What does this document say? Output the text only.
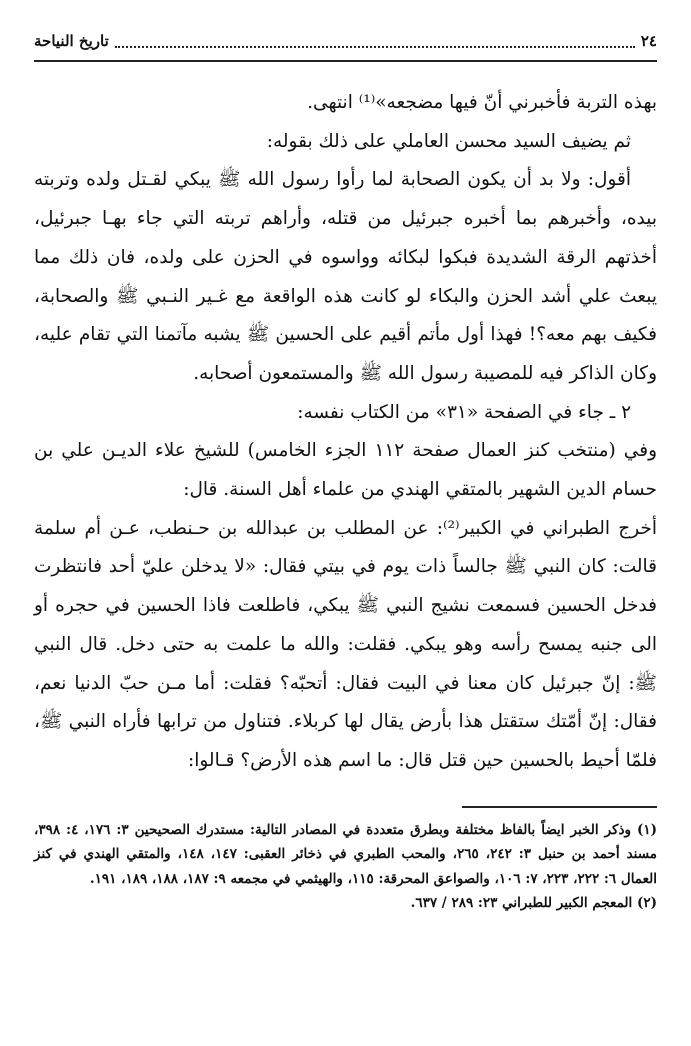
٢٤
تاريخ النياحة

بهذه التربة فأخبرني أنّ فيها مضجعه»⁽¹⁾ انتهى.

ثم يضيف السيد محسن العاملي على ذلك بقوله:

أقول: ولا بد أن يكون الصحابة لما رأوا رسول الله ﷺ يبكي لقـتل ولده وتربته بيده، وأخبرهم بما أخبره جبرئيل من قتله، وأراهم تربته التي جاء بهـا جبرئيل، أخذتهم الرقة الشديدة فبكوا لبكائه وواسوه في الحزن على ولده، فان ذلك مما يبعث علي أشد الحزن والبكاء لو كانت هذه الواقعة مع غـير النـبي ﷺ والصحابة، فكيف بهم معه؟! فهذا أول مأتم أقيم على الحسين ﷺ يشبه مآتمنا التي تقام عليه، وكان الذاكر فيه للمصيبة رسول الله ﷺ والمستمعون أصحابه.

٢ ـ جاء في الصفحة «٣١» من الكتاب نفسه:

وفي (منتخب كنز العمال صفحة ١١٢ الجزء الخامس) للشيخ علاء الديـن علي بن حسام الدين الشهير بالمتقي الهندي من علماء أهل السنة. قال:

أخرج الطبراني في الكبير⁽²⁾: عن المطلب بن عبدالله بن حـنطب، عـن أم سلمة قالت: كان النبي ﷺ جالساً ذات يوم في بيتي فقال: «لا يدخلن عليّ أحد فانتظرت فدخل الحسين فسمعت نشيج النبي ﷺ يبكي، فاطلعت فاذا الحسين في حجره أو الى جنبه يمسح رأسه وهو يبكي. فقلت: والله ما علمت به حتى دخل. قال النبي ﷺ: إنّ جبرئيل كان معنا في البيت فقال: أتحبّه؟ فقلت: أما مـن حبّ الدنيا نعم، فقال: إنّ أمّتك ستقتل هذا بأرض يقال لها كربلاء. فتناول من ترابها فأراه النبي ﷺ، فلمّا أحيط بالحسين حين قتل قال: ما اسم هذه الأرض؟ قـالوا:

(١) وذكر الخبر ايضاً بالفاظ مختلفة وبطرق متعددة في المصادر التالية: مستدرك الصحيحين ٣: ١٧٦، ٤: ٣٩٨، مسند أحمد بن حنبل ٣: ٢٤٢، ٢٦٥، والمحب الطبري في ذخائر العقبى: ١٤٧، ١٤٨، والمتقي الهندي في كنز العمال ٦: ٢٢٢، ٢٢٣، ٧: ١٠٦، والصواعق المحرقة: ١١٥، والهيثمي في مجمعه ٩: ١٨٧، ١٨٨، ١٨٩، ١٩١.

(٢) المعجم الكبير للطبراني ٢٣: ٢٨٩ / ٦٣٧.
